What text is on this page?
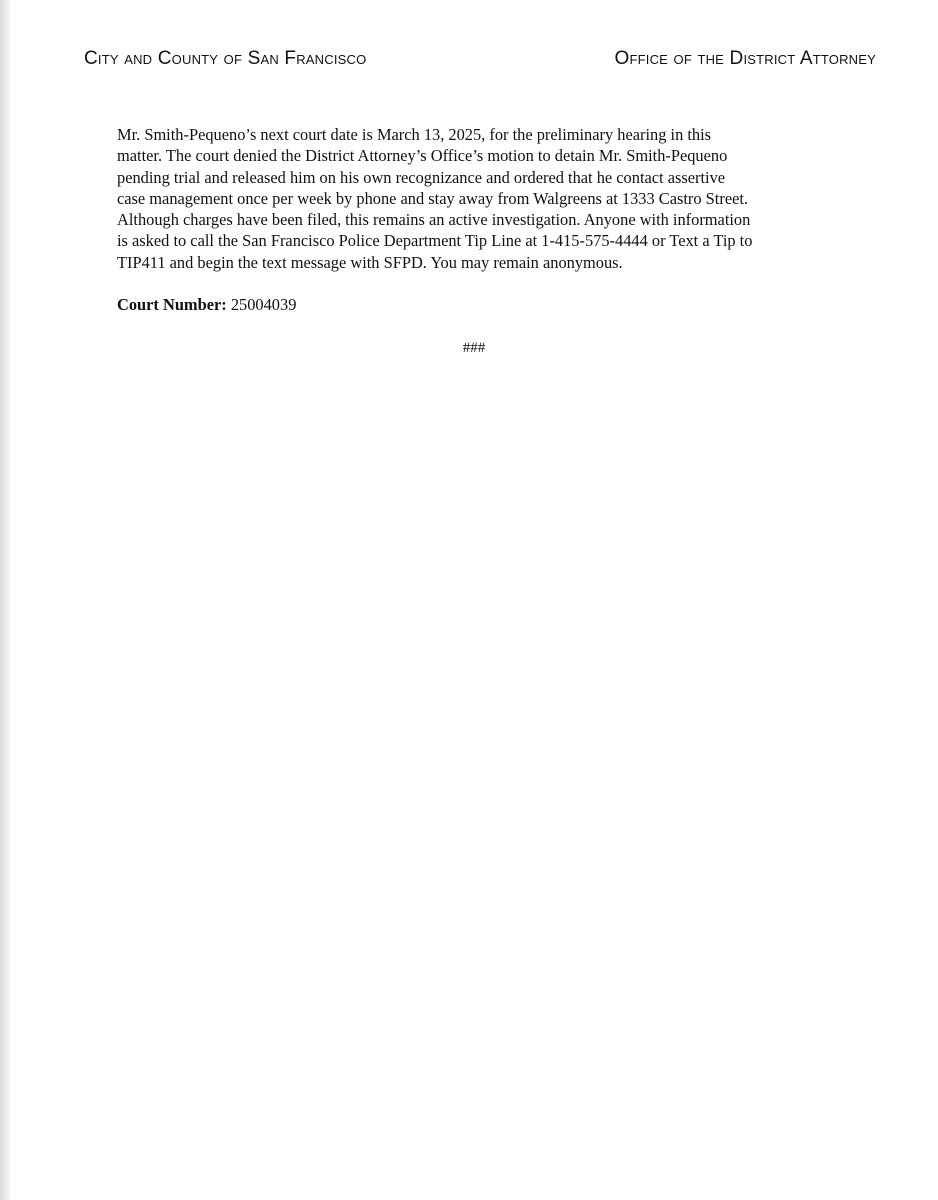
City and County of San Francisco	Office of the District Attorney
Mr. Smith-Pequeno’s next court date is March 13, 2025, for the preliminary hearing in this
matter. The court denied the District Attorney’s Office’s motion to detain Mr. Smith-Pequeno
pending trial and released him on his own recognizance and ordered that he contact assertive
case management once per week by phone and stay away from Walgreens at 1333 Castro Street.
Although charges have been filed, this remains an active investigation. Anyone with information
is asked to call the San Francisco Police Department Tip Line at 1-415-575-4444 or Text a Tip to
TIP411 and begin the text message with SFPD. You may remain anonymous.
Court Number: 25004039
###
